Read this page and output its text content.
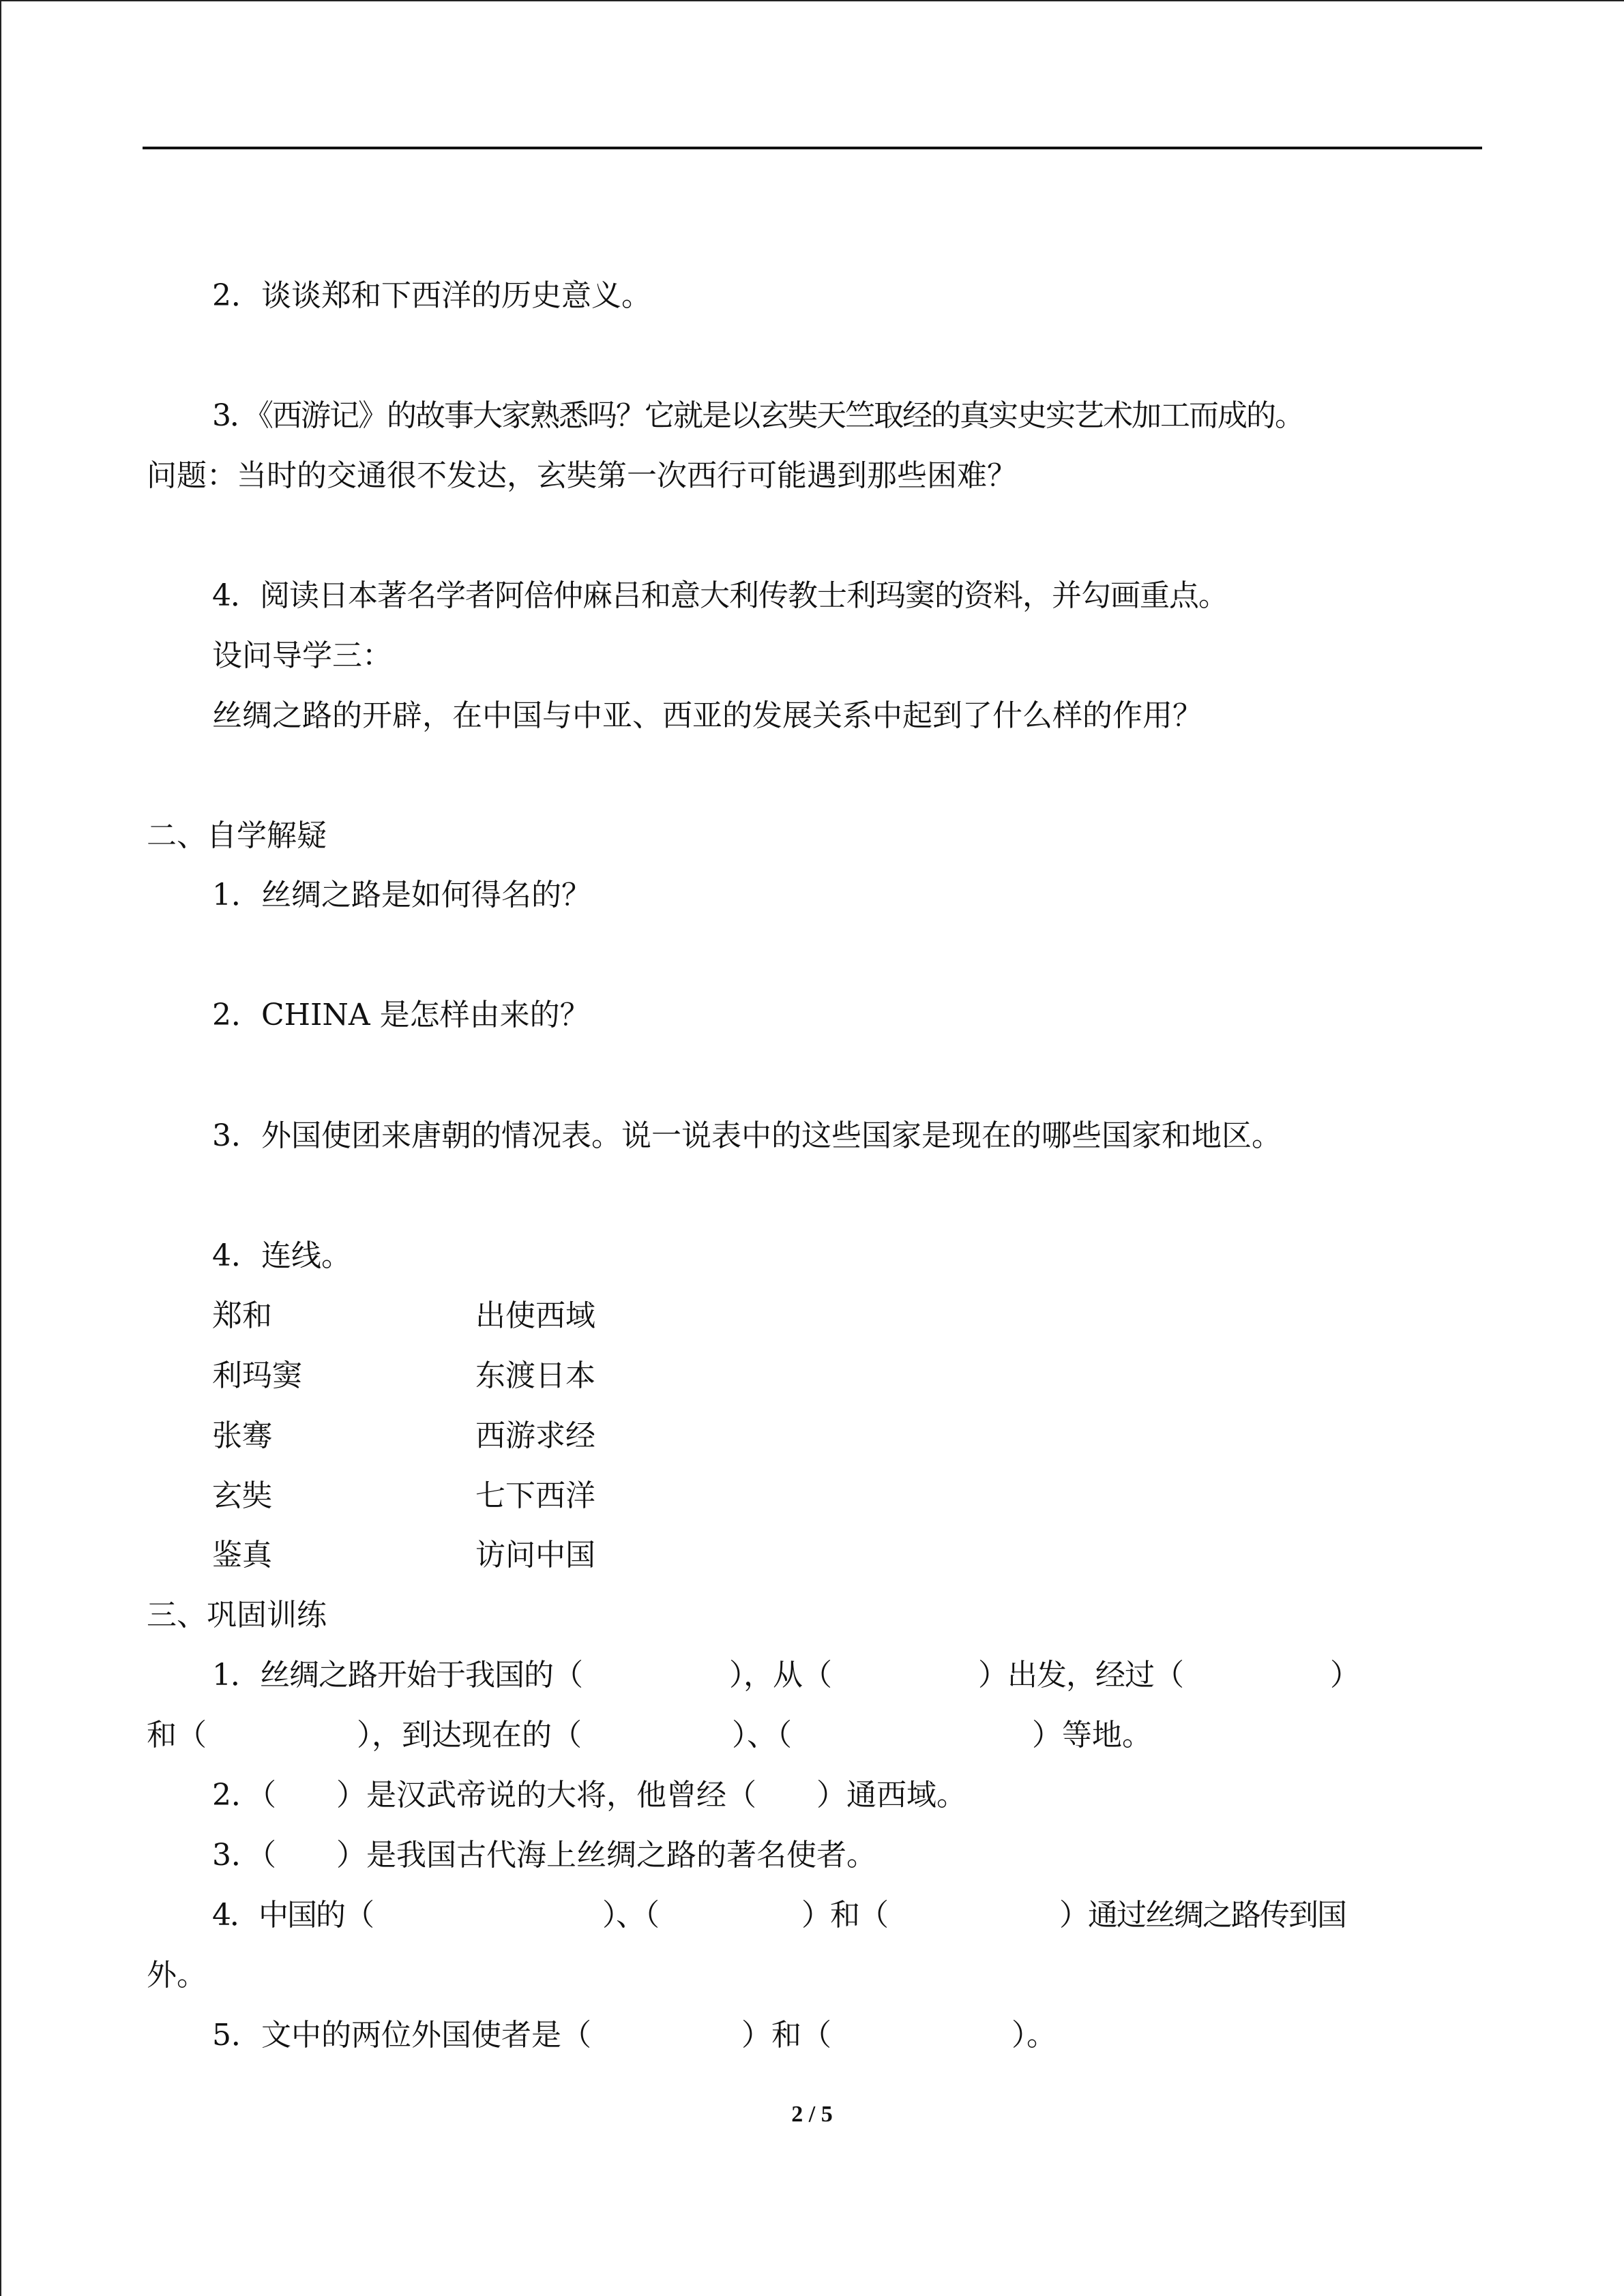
2．谈谈郑和下西洋的历史意义。
3．《西游记》的故事大家熟悉吗？它就是以玄奘天竺取经的真实史实艺术加工而成的。
问题：当时的交通很不发达，玄奘第一次西行可能遇到那些困难？
4．阅读日本著名学者阿倍仲麻吕和意大利传教士利玛窦的资料，并勾画重点。
设问导学三：
丝绸之路的开辟，在中国与中亚、西亚的发展关系中起到了什么样的作用？
二、自学解疑
1．丝绸之路是如何得名的？
2．CHINA 是怎样由来的？
3．外国使团来唐朝的情况表。说一说表中的这些国家是现在的哪些国家和地区。
4．连线。
郑和	出使西域
利玛窦	东渡日本
张骞	西游求经
玄奘	七下西洋
鉴真	访问中国
三、巩固训练
1．丝绸之路开始于我国的（　　　　　），从（　　　　　）出发，经过（　　　　　）
和（　　　　　），到达现在的（　　　　　）、（　　　　　　　　）等地。
2．（　　）是汉武帝说的大将，他曾经（　　）通西域。
3．（　　）是我国古代海上丝绸之路的著名使者。
4．中国的（　　　　　　　　）、（　　　　　）和（　　　　　　）通过丝绸之路传到国
外。
5．文中的两位外国使者是（　　　　　）和（　　　　　　）。
2 / 5
